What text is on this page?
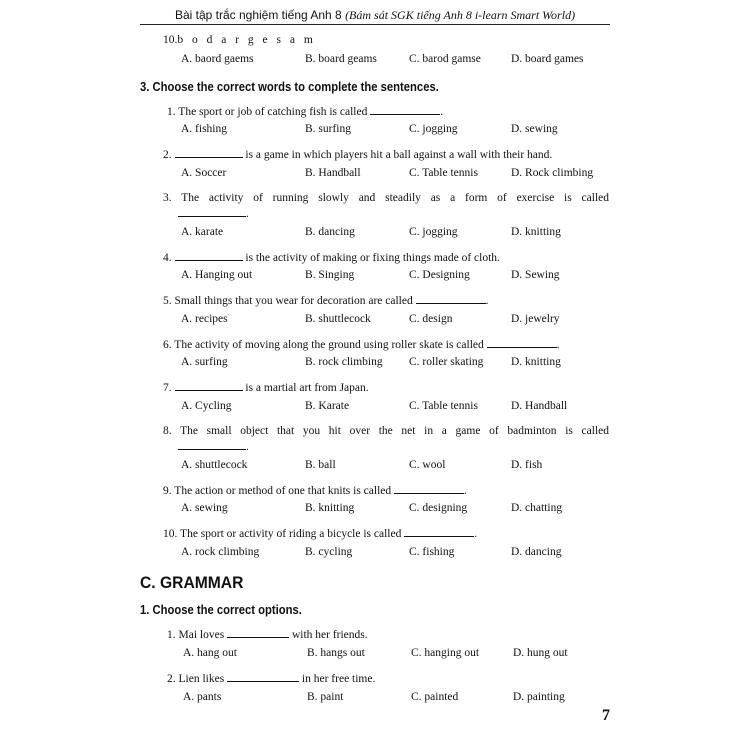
Bài tập trắc nghiệm tiếng Anh 8 (Bám sát SGK tiếng Anh 8 i-learn Smart World)
10.b o d a r g e s a m
A. baord gaems	B. board geams	C. barod gamse	D. board games
3. Choose the correct words to complete the sentences.
1. The sport or job of catching fish is called	.
A. fishing	B. surfing	C. jogging	D. sewing
2.	is a game in which players hit a ball against a wall with their hand.
A. Soccer	B. Handball	C. Table tennis	D. Rock climbing
3. The activity of running slowly and steadily as a form of exercise is called
.
A. karate	B. dancing	C. jogging	D. knitting
4.	is the activity of making or fixing things made of cloth.
A. Hanging out	B. Singing	C. Designing	D. Sewing
5. Small things that you wear for decoration are called	.
A. recipes	B. shuttlecock	C. design	D. jewelry
6. The activity of moving along the ground using roller skate is called	.
A. surfing	B. rock climbing C. roller skating D. knitting
7.	is a martial art from Japan.
A. Cycling	B. Karate	C. Table tennis	D. Handball
8. The small object that you hit over the net in a game of badminton is called
.
A. shuttlecock	B. ball	C. wool	D. fish
9. The action or method of one that knits is called	.
A. sewing	B. knitting	C. designing	D. chatting
10. The sport or activity of riding a bicycle is called	.
A. rock climbing	B. cycling	C. fishing	D. dancing
C. GRAMMAR
1. Choose the correct options.
1. Mai loves	with her friends.
A. hang out	B. hangs out	C. hanging out	D. hung out
2. Lien likes	in her free time.
A. pants	B. paint	C. painted	D. painting
7
